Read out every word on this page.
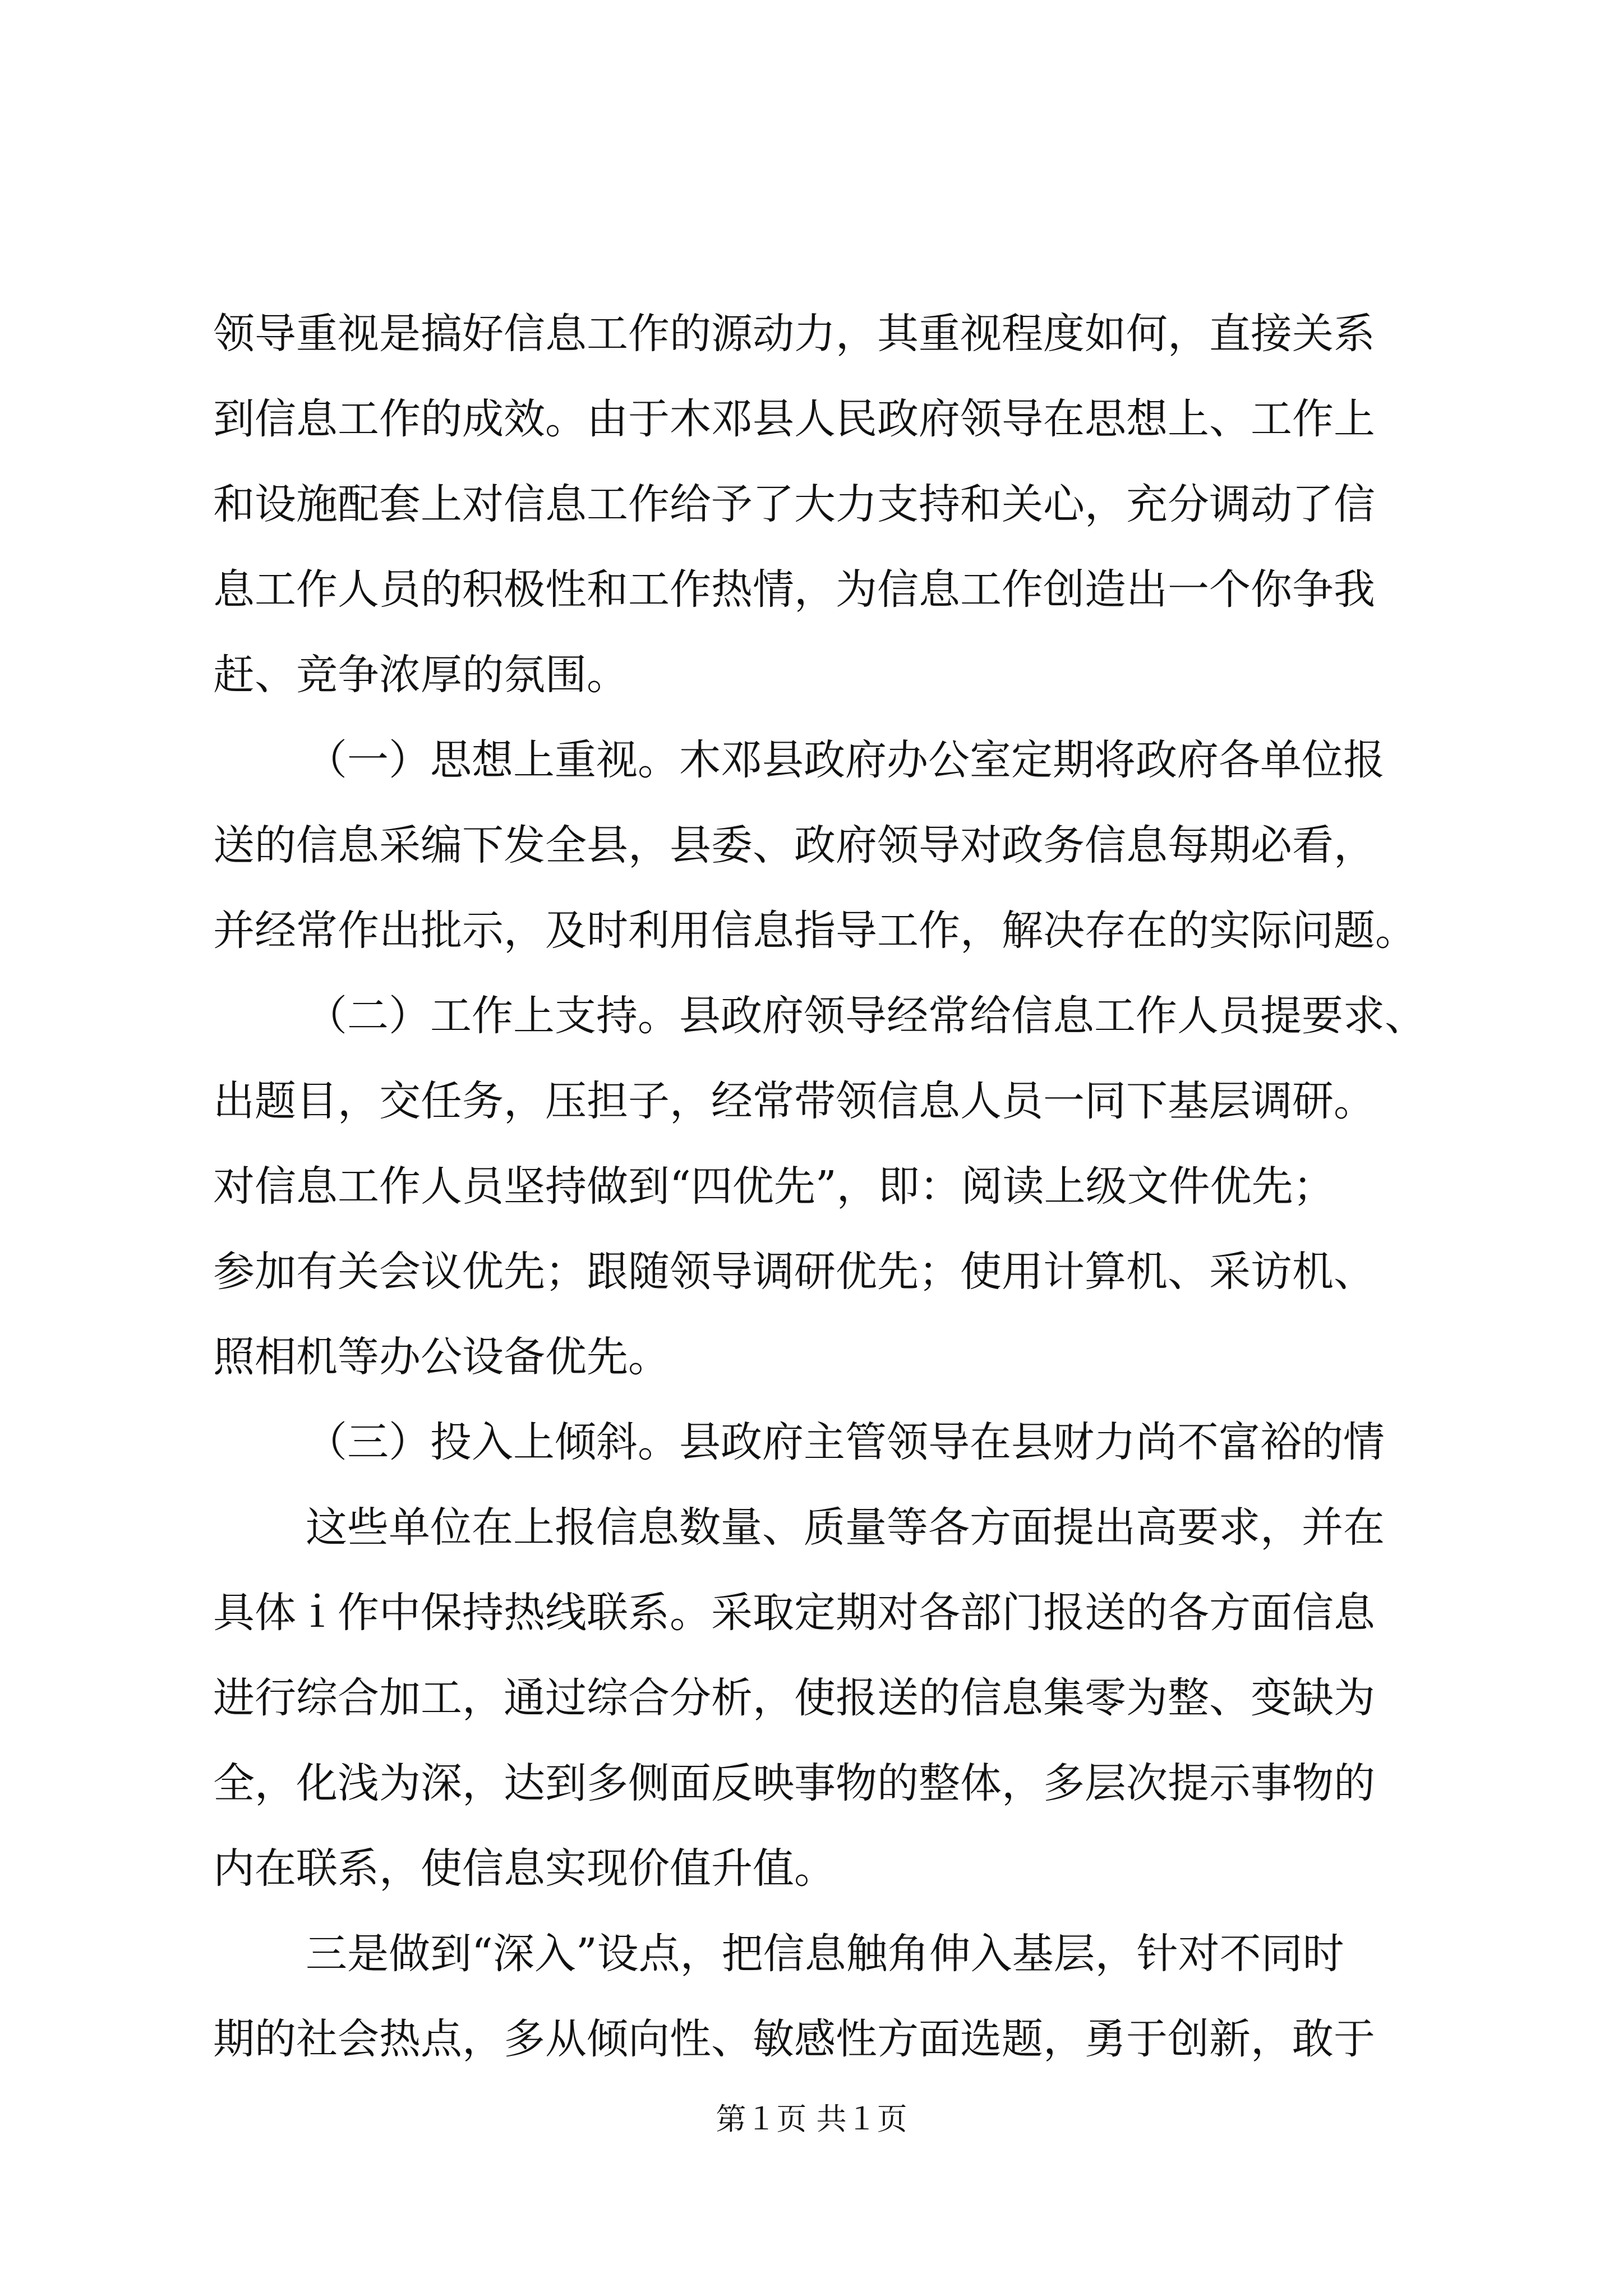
领导重视是搞好信息工作的源动力，其重视程度如何，直接关系
到信息工作的成效。由于木邓县人民政府领导在思想上、工作上
和设施配套上对信息工作给予了大力支持和关心，充分调动了信
息工作人员的积极性和工作热情，为信息工作创造出一个你争我
赶、竞争浓厚的氛围。
（一）思想上重视。木邓县政府办公室定期将政府各单位报
送的信息采编下发全县，县委、政府领导对政务信息每期必看，
并经常作出批示，及时利用信息指导工作，解决存在的实际问题。
（二）工作上支持。县政府领导经常给信息工作人员提要求、
出题目，交任务，压担子，经常带领信息人员一同下基层调研。
对信息工作人员坚持做到“四优先”，即：阅读上级文件优先；
参加有关会议优先；跟随领导调研优先；使用计算机、采访机、
照相机等办公设备优先。
（三）投入上倾斜。县政府主管领导在县财力尚不富裕的情
这些单位在上报信息数量、质量等各方面提出高要求，并在
具体ｉ作中保持热线联系。采取定期对各部门报送的各方面信息
进行综合加工，通过综合分析，使报送的信息集零为整、变缺为
全，化浅为深，达到多侧面反映事物的整体，多层次提示事物的
内在联系，使信息实现价值升值。
三是做到“深入”设点，把信息触角伸入基层，针对不同时
期的社会热点，多从倾向性、敏感性方面选题，勇于创新，敢于
第１页 共１页
